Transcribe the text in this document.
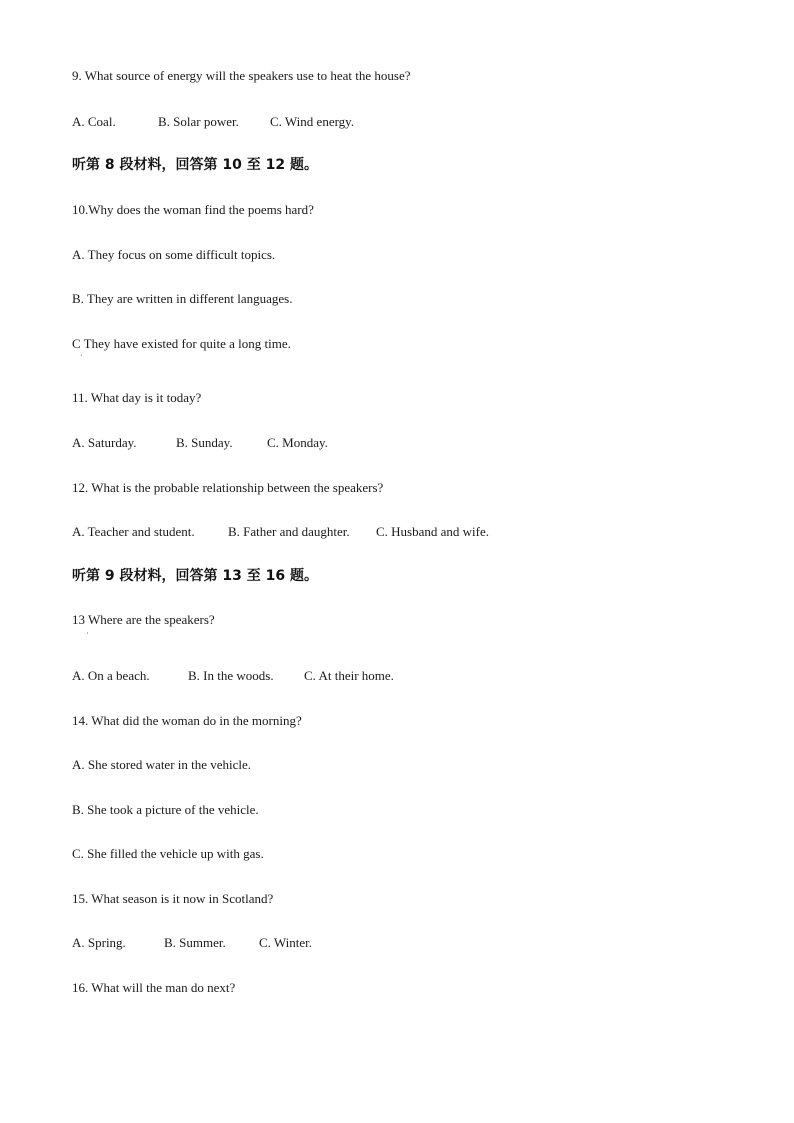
9. What source of energy will the speakers use to heat the house?
A. Coal.	B. Solar power. C. Wind energy.
听第 8 段材料，回答第 10 至 12 题。
10.Why does the woman find the poems hard?
A. They focus on some difficult topics.
B. They are written in different languages.
C They have existed for quite a long time.
·
11. What day is it today?
A. Saturday.	B. Sunday.	C. Monday.
12. What is the probable relationship between the speakers?
A. Teacher and student.	B. Father and daughter. C. Husband and wife.
听第 9 段材料，回答第 13 至 16 题。
13 Where are the speakers?
·
A. On a beach.	B. In the woods. C. At their home.
14. What did the woman do in the morning?
A. She stored water in the vehicle.
B. She took a picture of the vehicle.
C. She filled the vehicle up with gas.
15. What season is it now in Scotland?
A. Spring.	B. Summer.	C. Winter.
16. What will the man do next?
